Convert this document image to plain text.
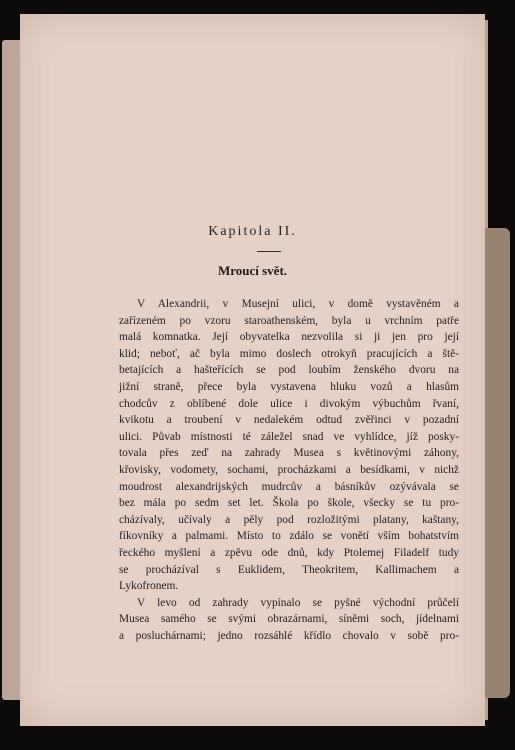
Kapitola II.
Mroucí svět.
V Alexandrii, v Musejní ulici, v domě vystavěném a
zařízeném po vzoru staroathenském, byla u vrchním patře
malá komnatka. Její obyvatelka nezvolila si ji jen pro její
klid; neboť, ač byla mimo doslech otrokyň pracujících a ště-
betajících a hašteřících se pod loubím ženského dvoru na
jižní straně, přece byla vystavena hluku vozů a hlasům
chodcův z oblíbené dole ulice i divokým výbuchům řvaní,
kvikotu a troubení v nedalekém odtud zvěřinci v pozadní
ulici. Půvab místnosti té záležel snad ve vyhlídce, jíž posky-
tovala přes zeď na zahrady Musea s květinovými záhony,
křovisky, vodomety, sochami, procházkami a besídkami, v nichž
moudrost alexandrijských mudrcův a básníkův ozývávala se
bez mála po sedm set let. Škola po škole, všecky se tu pro-
cházívaly, učívaly a pěly pod rozložitými platany, kaštany,
fíkovníky a palmami. Místo to zdálo se vonětí vším bohatstvím
řeckého myšlení a zpěvu ode dnů, kdy Ptolemej Filadelf tudy
se procházíval s Euklidem, Theokritem, Kallimachem a
Lykofronem.
V levo od zahrady vypínalo se pyšné východní průčelí
Musea samého se svými obrazárnami, síněmi soch, jídelnami
a posluchárnami; jedno rozsáhlé křídlo chovalo v sobě pro-
